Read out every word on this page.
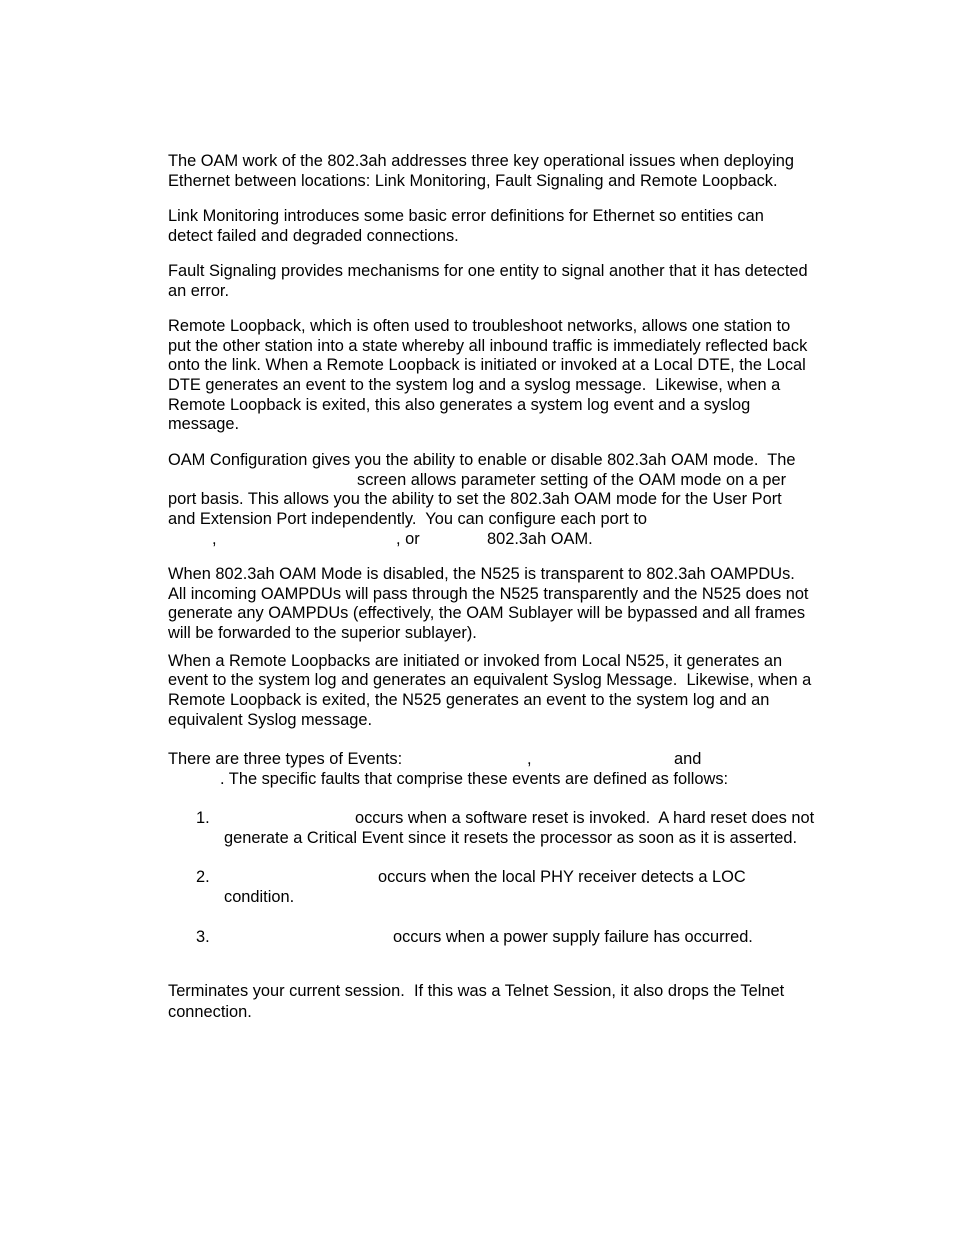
The OAM work of the 802.3ah addresses three key operational issues when deploying
Ethernet between locations: Link Monitoring, Fault Signaling and Remote Loopback.
Link Monitoring introduces some basic error definitions for Ethernet so entities can
detect failed and degraded connections.
Fault Signaling provides mechanisms for one entity to signal another that it has detected
an error.
Remote Loopback, which is often used to troubleshoot networks, allows one station to
put the other station into a state whereby all inbound traffic is immediately reflected back
onto the link. When a Remote Loopback is initiated or invoked at a Local DTE, the Local
DTE generates an event to the system log and a syslog message.  Likewise, when a
Remote Loopback is exited, this also generates a system log event and a syslog
message.
OAM Configuration gives you the ability to enable or disable 802.3ah OAM mode.  The
screen allows parameter setting of the OAM mode on a per
port basis. This allows you the ability to set the 802.3ah OAM mode for the User Port
and Extension Port independently.  You can configure each port to
,	, or	802.3ah OAM.
When 802.3ah OAM Mode is disabled, the N525 is transparent to 802.3ah OAMPDUs.
All incoming OAMPDUs will pass through the N525 transparently and the N525 does not
generate any OAMPDUs (effectively, the OAM Sublayer will be bypassed and all frames
will be forwarded to the superior sublayer).
When a Remote Loopbacks are initiated or invoked from Local N525, it generates an
event to the system log and generates an equivalent Syslog Message.  Likewise, when a
Remote Loopback is exited, the N525 generates an event to the system log and an
equivalent Syslog message.
There are three types of Events:	,	and
. The specific faults that comprise these events are defined as follows:
1.	occurs when a software reset is invoked.  A hard reset does not
generate a Critical Event since it resets the processor as soon as it is asserted.
2.	occurs when the local PHY receiver detects a LOC
condition.
3.	occurs when a power supply failure has occurred.
Terminates your current session.  If this was a Telnet Session, it also drops the Telnet
connection.
